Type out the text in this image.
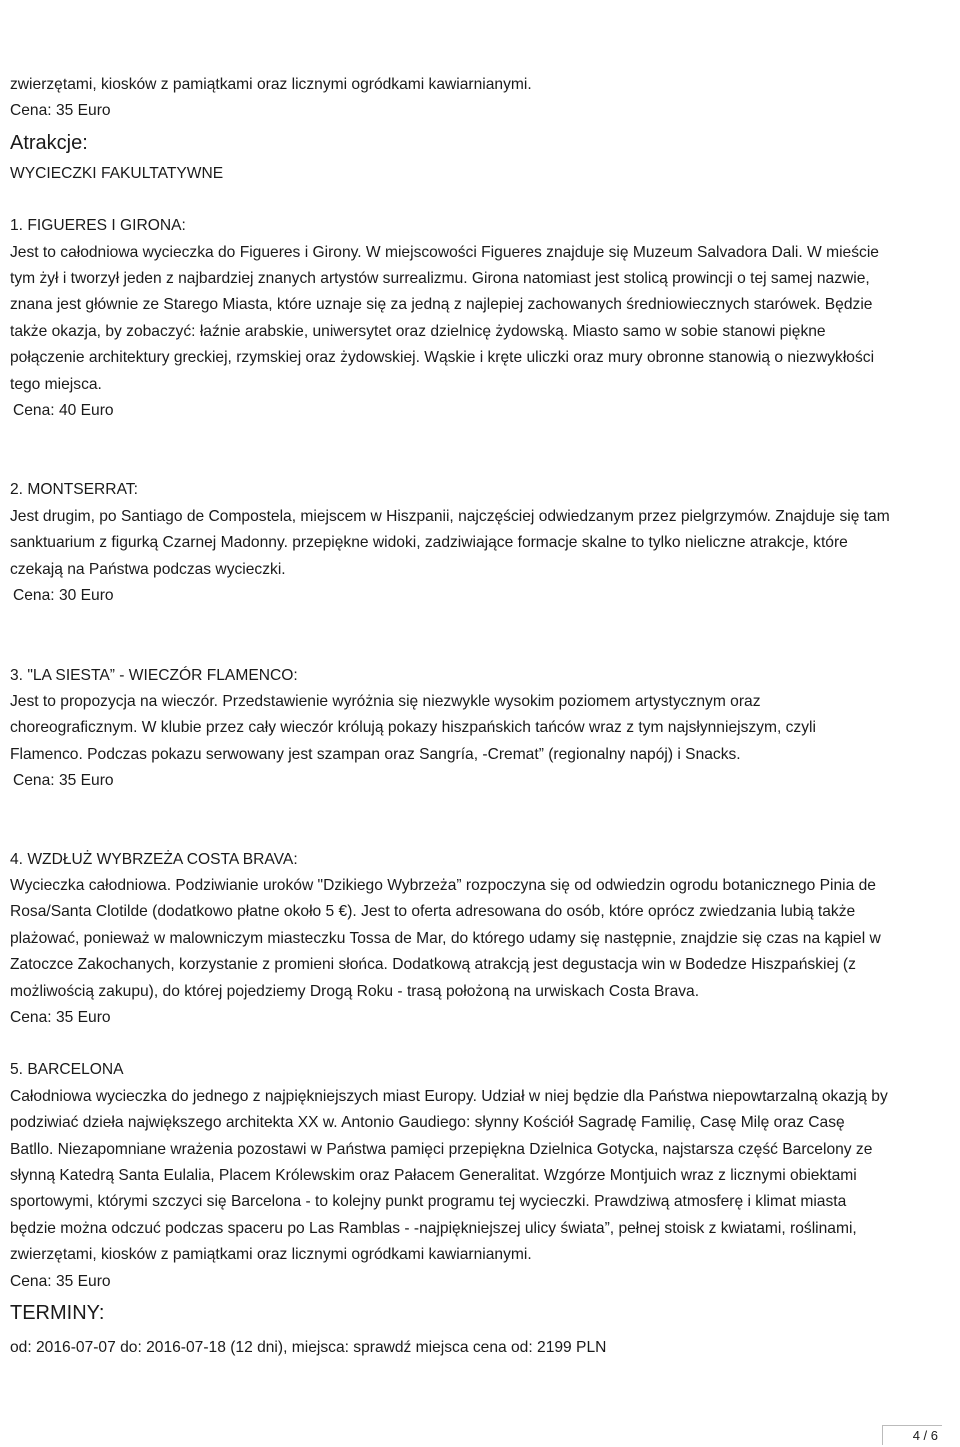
zwierzętami, kiosków z pamiątkami oraz licznymi ogródkami kawiarnianymi.
Cena: 35 Euro
Atrakcje:
WYCIECZKI FAKULTATYWNE
1. FIGUERES I GIRONA:
Jest to całodniowa wycieczka do Figueres i Girony. W miejscowości Figueres znajduje się Muzeum Salvadora Dali. W mieście
tym żył i tworzył jeden z najbardziej znanych artystów surrealizmu. Girona natomiast jest stolicą prowincji o tej samej nazwie,
znana jest głównie ze Starego Miasta, które uznaje się za jedną z najlepiej zachowanych średniowiecznych starówek. Będzie
także okazja, by zobaczyć: łaźnie arabskie, uniwersytet oraz dzielnicę żydowską. Miasto samo w sobie stanowi piękne
połączenie architektury greckiej, rzymskiej oraz żydowskiej. Wąskie i kręte uliczki oraz mury obronne stanowią o niezwykłości
tego miejsca.
Cena: 40 Euro
2. MONTSERRAT:
Jest drugim, po Santiago de Compostela, miejscem w Hiszpanii, najczęściej odwiedzanym przez pielgrzymów. Znajduje się tam
sanktuarium z figurką Czarnej Madonny. przepiękne widoki, zadziwiające formacje skalne to tylko nieliczne atrakcje, które
czekają na Państwa podczas wycieczki.
Cena: 30 Euro
3. "LA SIESTA” - WIECZÓR FLAMENCO:
Jest to propozycja na wieczór. Przedstawienie wyróżnia się niezwykle wysokim poziomem artystycznym oraz
choreograficznym. W klubie przez cały wieczór królują pokazy hiszpańskich tańców wraz z tym najsłynniejszym, czyli
Flamenco. Podczas pokazu serwowany jest szampan oraz Sangría, -Cremat” (regionalny napój) i Snacks.
Cena: 35 Euro
4. WZDŁUŻ WYBRZEŻA COSTA BRAVA:
Wycieczka całodniowa. Podziwianie uroków "Dzikiego Wybrzeża” rozpoczyna się od odwiedzin ogrodu botanicznego Pinia de
Rosa/Santa Clotilde (dodatkowo płatne około 5 €). Jest to oferta adresowana do osób, które oprócz zwiedzania lubią także
plażować, ponieważ w malowniczym miasteczku Tossa de Mar, do którego udamy się następnie, znajdzie się czas na kąpiel w
Zatoczce Zakochanych, korzystanie z promieni słońca. Dodatkową atrakcją jest degustacja win w Bodedze Hiszpańskiej (z
możliwością zakupu), do której pojedziemy Drogą Roku - trasą położoną na urwiskach Costa Brava.
Cena: 35 Euro
5. BARCELONA
Całodniowa wycieczka do jednego z najpiękniejszych miast Europy. Udział w niej będzie dla Państwa niepowtarzalną okazją by
podziwiać dzieła największego architekta XX w. Antonio Gaudiego: słynny Kościół Sagradę Familię, Casę Milę oraz Casę
Batllo. Niezapomniane wrażenia pozostawi w Państwa pamięci przepiękna Dzielnica Gotycka, najstarsza część Barcelony ze
słynną Katedrą Santa Eulalia, Placem Królewskim oraz Pałacem Generalitat. Wzgórze Montjuich wraz z licznymi obiektami
sportowymi, którymi szczyci się Barcelona - to kolejny punkt programu tej wycieczki. Prawdziwą atmosferę i klimat miasta
będzie można odczuć podczas spaceru po Las Ramblas - -najpiękniejszej ulicy świata”, pełnej stoisk z kwiatami, roślinami,
zwierzętami, kiosków z pamiątkami oraz licznymi ogródkami kawiarnianymi.
Cena: 35 Euro
TERMINY:
od: 2016-07-07 do: 2016-07-18 (12 dni), miejsca: sprawdź miejsca cena od: 2199 PLN
4 / 6
